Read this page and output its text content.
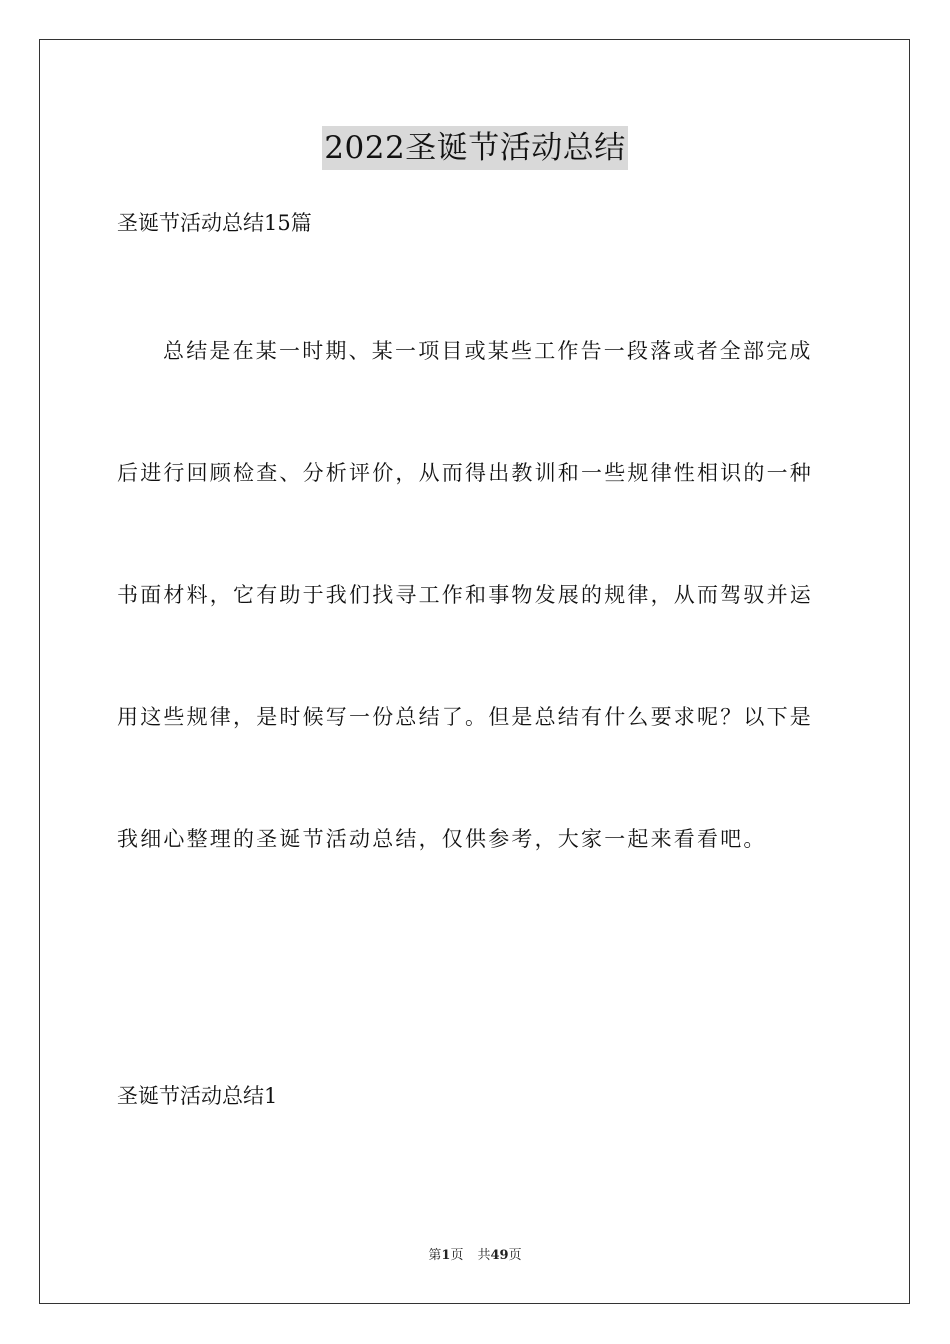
2022圣诞节活动总结
圣诞节活动总结15篇
总结是在某一时期、某一项目或某些工作告一段落或者全部完成
后进行回顾检查、分析评价，从而得出教训和一些规律性相识的一种
书面材料，它有助于我们找寻工作和事物发展的规律，从而驾驭并运
用这些规律，是时候写一份总结了。但是总结有什么要求呢？以下是
我细心整理的圣诞节活动总结，仅供参考，大家一起来看看吧。
圣诞节活动总结1
第1页 共49页
